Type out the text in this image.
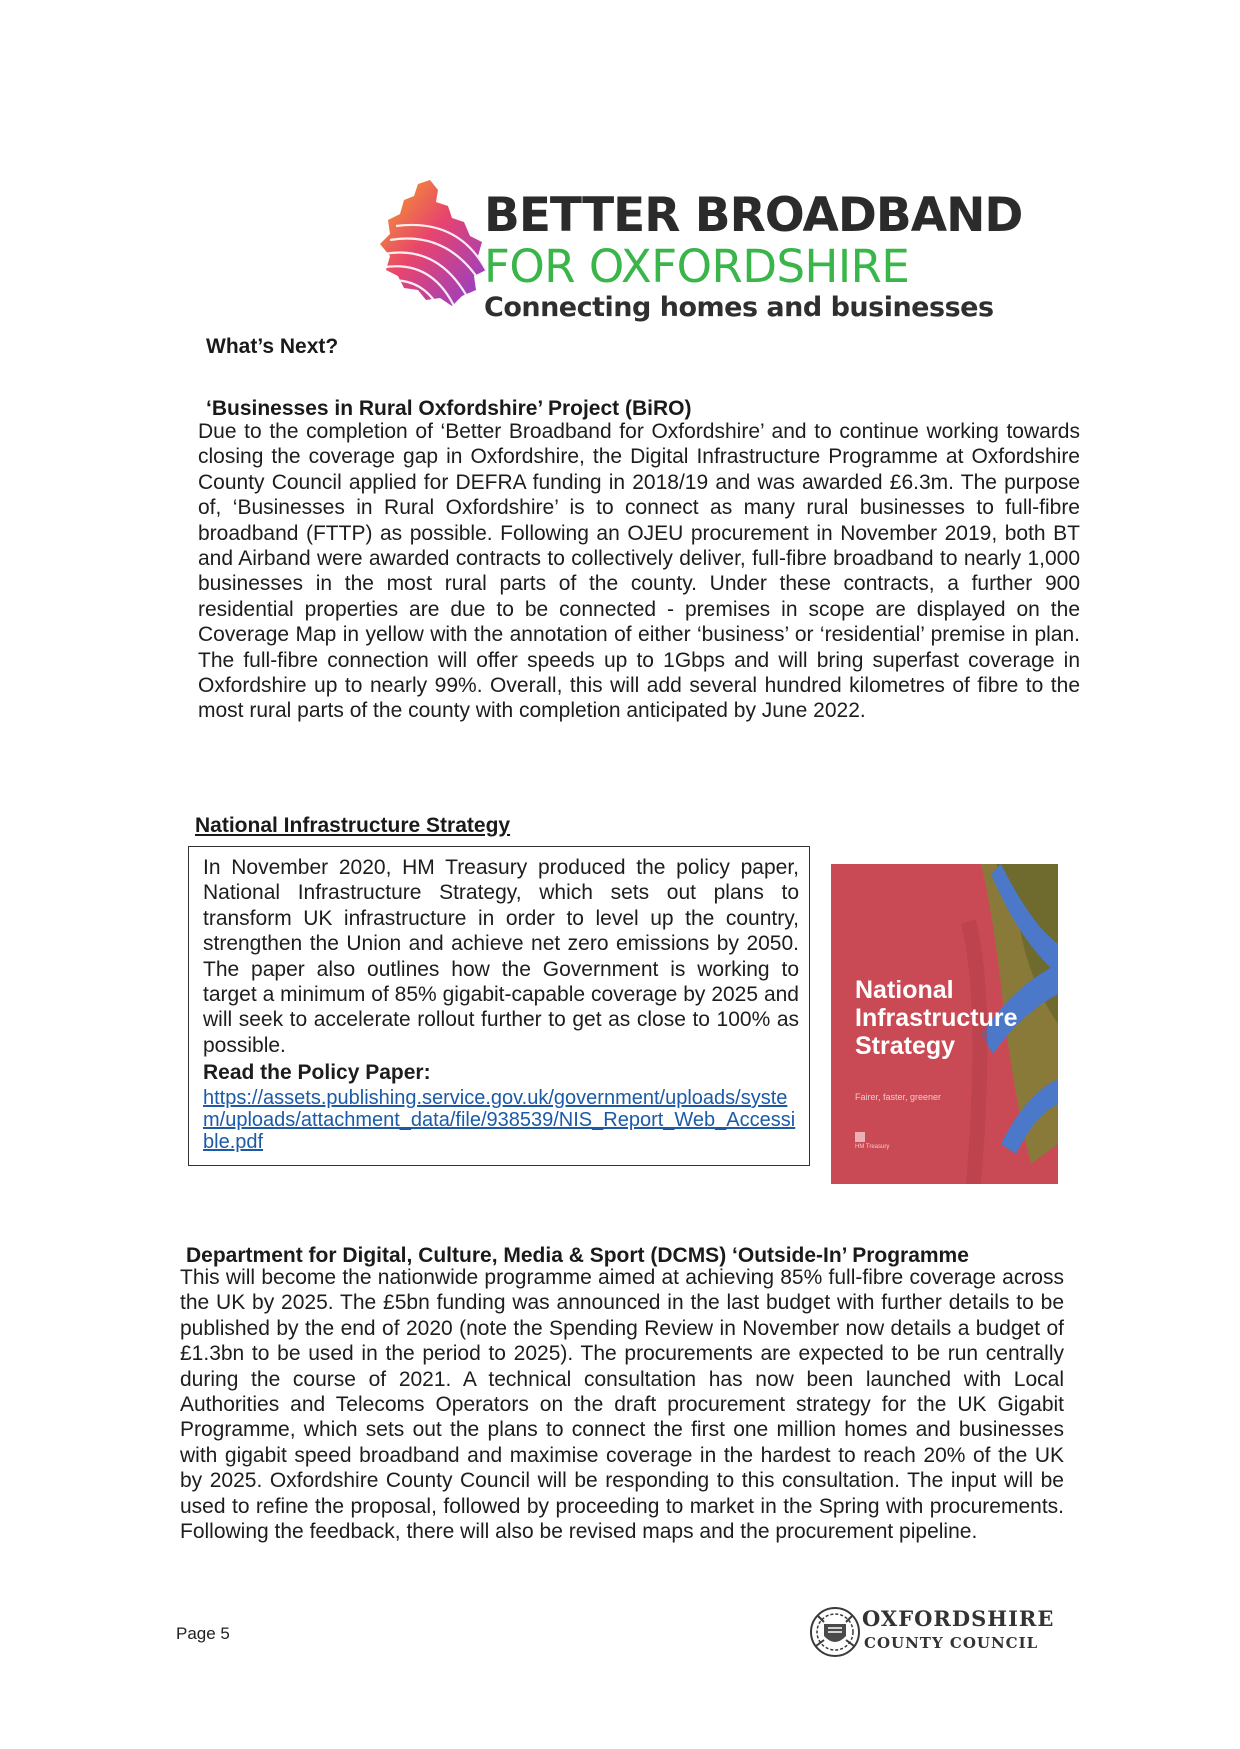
BETTER BROADBAND
FOR OXFORDSHIRE
Connecting homes and businesses
What’s Next?
‘Businesses in Rural Oxfordshire’ Project (BiRO)

Due to the completion of ‘Better Broadband for Oxfordshire’ and to continue working towards closing the coverage gap in Oxfordshire, the Digital Infrastructure Programme at Oxfordshire County Council applied for DEFRA funding in 2018/19 and was awarded £6.3m. The purpose of, ‘Businesses in Rural Oxfordshire’ is to connect as many rural businesses to full-fibre broadband (FTTP) as possible. Following an OJEU procurement in November 2019, both BT and Airband were awarded contracts to collectively deliver, full-fibre broadband to nearly 1,000 businesses in the most rural parts of the county. Under these contracts, a further 900 residential properties are due to be connected - premises in scope are displayed on the Coverage Map in yellow with the annotation of either ‘business’ or ‘residential’ premise in plan. The full-fibre connection will offer speeds up to 1Gbps and will bring superfast coverage in Oxfordshire up to nearly 99%. Overall, this will add several hundred kilometres of fibre to the most rural parts of the county with completion anticipated by June 2022.

National Infrastructure Strategy

In November 2020, HM Treasury produced the policy paper, National Infrastructure Strategy, which sets out plans to transform UK infrastructure in order to level up the country, strengthen the Union and achieve net zero emissions by 2050. The paper also outlines how the Government is working to target a minimum of 85% gigabit-capable coverage by 2025 and will seek to accelerate rollout further to get as close to 100% as possible.

Read the Policy Paper:
https://assets.publishing.service.gov.uk/government/uploads/system/uploads/attachment_data/file/938539/NIS_Report_Web_Accessible.pdf
National Infrastructure Strategy
Fairer, faster, greener
HM Treasury
Department for Digital, Culture, Media & Sport (DCMS) ‘Outside-In’ Programme

This will become the nationwide programme aimed at achieving 85% full-fibre coverage across the UK by 2025. The £5bn funding was announced in the last budget with further details to be published by the end of 2020 (note the Spending Review in November now details a budget of £1.3bn to be used in the period to 2025). The procurements are expected to be run centrally during the course of 2021. A technical consultation has now been launched with Local Authorities and Telecoms Operators on the draft procurement strategy for the UK Gigabit Programme, which sets out the plans to connect the first one million homes and businesses with gigabit speed broadband and maximise coverage in the hardest to reach 20% of the UK by 2025. Oxfordshire County Council will be responding to this consultation. The input will be used to refine the proposal, followed by proceeding to market in the Spring with procurements. Following the feedback, there will also be revised maps and the procurement pipeline.

Page 5
OXFORDSHIRE
COUNTY COUNCIL
